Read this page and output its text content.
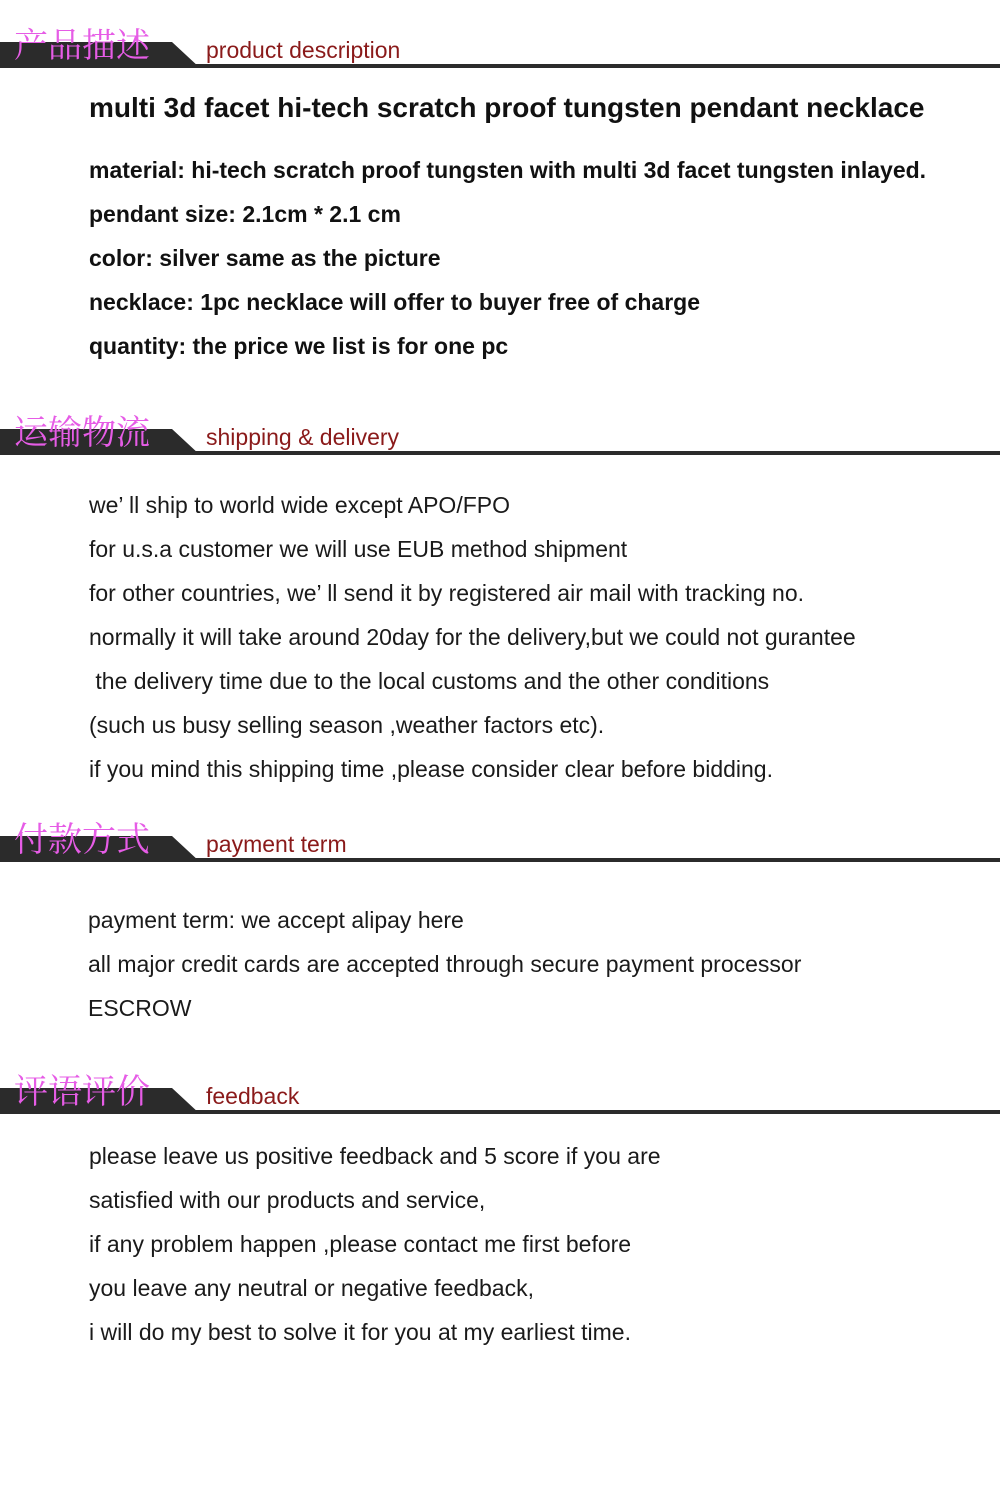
产品描述 product description
multi 3d facet hi-tech scratch proof tungsten pendant necklace
material: hi-tech scratch proof tungsten with multi 3d facet tungsten inlayed.
pendant size: 2.1cm * 2.1 cm
color: silver same as the picture
necklace: 1pc necklace will offer to buyer free of charge
quantity: the price we list is for one pc
运输物流 shipping & delivery
we’ ll ship to world wide except APO/FPO
for u.s.a customer we will use EUB method shipment
for other countries, we’ ll send it by registered air mail with tracking no.
normally it will take around 20day for the delivery,but we could not gurantee
the delivery time due to the local customs and the other conditions
(such us busy selling season ,weather factors etc).
if you mind this shipping time ,please consider clear before bidding.
付款方式 payment term
payment term: we accept alipay here
all major credit cards are accepted through secure payment processor
ESCROW
评语评价 feedback
please leave us positive feedback and 5 score if you are
satisfied with our products and service,
if any problem happen ,please contact me first before
you leave any neutral or negative feedback,
i will do my best to solve it for you at my earliest time.
